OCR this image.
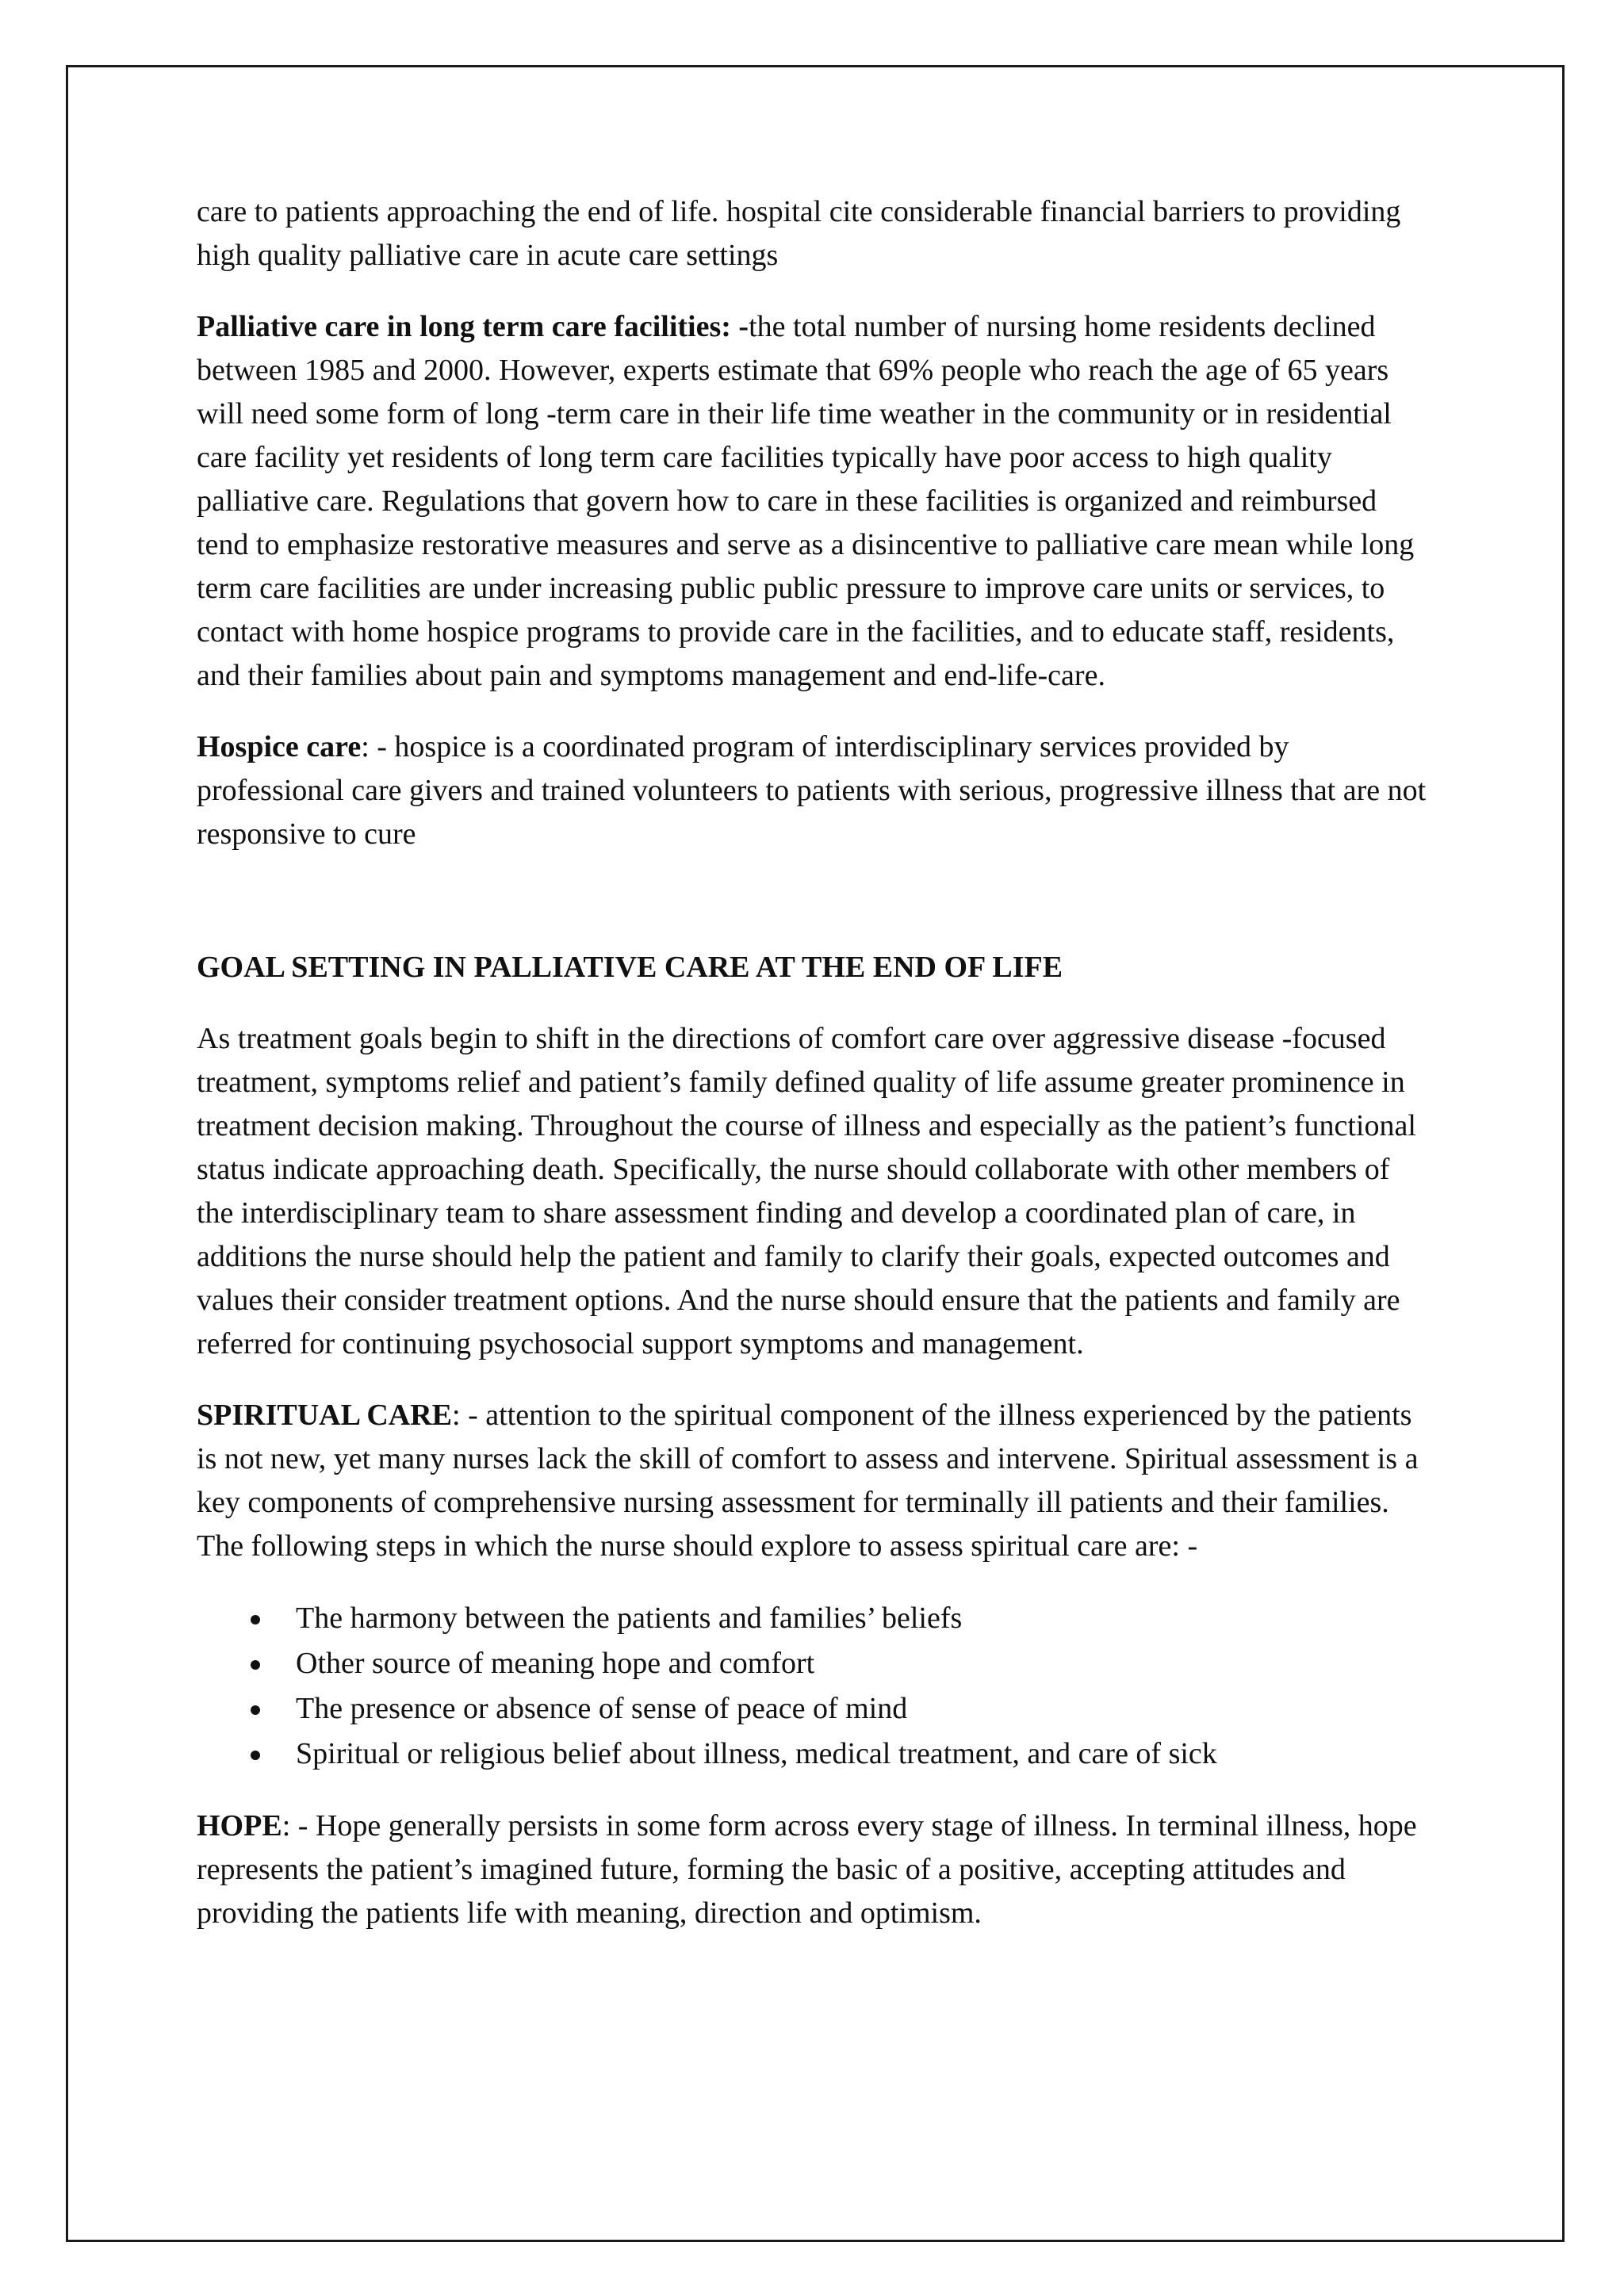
care to patients approaching the end of life. hospital cite considerable financial barriers to providing high quality palliative care in acute care settings

Palliative care in long term care facilities: -the total number of nursing home residents declined between 1985 and 2000. However, experts estimate that 69% people who reach the age of 65 years will need some form of long -term care in their life time weather in the community or in residential care facility yet residents of long term care facilities typically have poor access to high quality palliative care. Regulations that govern how to care in these facilities is organized and reimbursed tend to emphasize restorative measures and serve as a disincentive to palliative care mean while long term care facilities are under increasing public public pressure to improve care units or services, to contact with home hospice programs to provide care in the facilities, and to educate staff, residents, and their families about pain and symptoms management and end-life-care.

Hospice care: - hospice is a coordinated program of interdisciplinary services provided by professional care givers and trained volunteers to patients with serious, progressive illness that are not responsive to cure

GOAL SETTING IN PALLIATIVE CARE AT THE END OF LIFE

As treatment goals begin to shift in the directions of comfort care over aggressive disease -focused treatment, symptoms relief and patient’s family defined quality of life assume greater prominence in treatment decision making. Throughout the course of illness and especially as the patient’s functional status indicate approaching death. Specifically, the nurse should collaborate with other members of the interdisciplinary team to share assessment finding and develop a coordinated plan of care, in additions the nurse should help the patient and family to clarify their goals, expected outcomes and values their consider treatment options. And the nurse should ensure that the patients and family are referred for continuing psychosocial support symptoms and management.

SPIRITUAL CARE: - attention to the spiritual component of the illness experienced by the patients is not new, yet many nurses lack the skill of comfort to assess and intervene. Spiritual assessment is a key components of comprehensive nursing assessment for terminally ill patients and their families. The following steps in which the nurse should explore to assess spiritual care are: -

The harmony between the patients and families’ beliefs
Other source of meaning hope and comfort
The presence or absence of sense of peace of mind
Spiritual or religious belief about illness, medical treatment, and care of sick

HOPE: - Hope generally persists in some form across every stage of illness. In terminal illness, hope represents the patient’s imagined future, forming the basic of a positive, accepting attitudes and providing the patients life with meaning, direction and optimism.
